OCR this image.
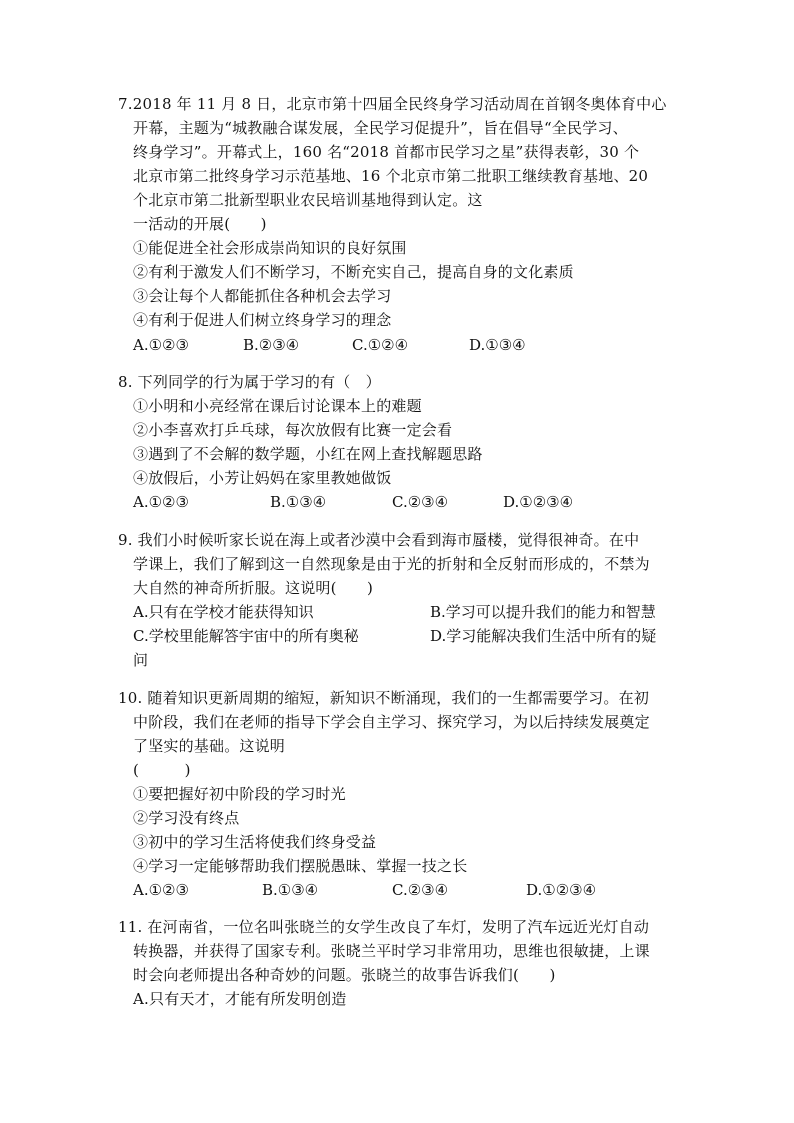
7.2018 年 11 月 8 日，北京市第十四届全民终身学习活动周在首钢冬奥体育中心
开幕，主题为“城教融合谋发展，全民学习促提升”，旨在倡导“全民学习、
终身学习”。开幕式上，160 名“2018 首都市民学习之星”获得表彰，30 个
北京市第二批终身学习示范基地、16 个北京市第二批职工继续教育基地、20
个北京市第二批新型职业农民培训基地得到认定。这
一活动的开展(　　)
①能促进全社会形成崇尚知识的良好氛围
②有利于激发人们不断学习，不断充实自己，提高自身的文化素质
③会让每个人都能抓住各种机会去学习
④有利于促进人们树立终身学习的理念
A.①②③	B.②③④	C.①②④	D.①③④
8. 下列同学的行为属于学习的有（　）
①小明和小亮经常在课后讨论课本上的难题
②小李喜欢打乒乓球，每次放假有比赛一定会看
③遇到了不会解的数学题，小红在网上查找解题思路
④放假后，小芳让妈妈在家里教她做饭
A.①②③	B.①③④	C.②③④	D.①②③④
9. 我们小时候听家长说在海上或者沙漠中会看到海市蜃楼，觉得很神奇。在中
学课上，我们了解到这一自然现象是由于光的折射和全反射而形成的，不禁为
大自然的神奇所折服。这说明(　　)
A.只有在学校才能获得知识	B.学习可以提升我们的能力和智慧
C.学校里能解答宇宙中的所有奥秘	D.学习能解决我们生活中所有的疑
问
10. 随着知识更新周期的缩短，新知识不断涌现，我们的一生都需要学习。在初
中阶段，我们在老师的指导下学会自主学习、探究学习，为以后持续发展奠定
了坚实的基础。这说明
(　　　)
①要把握好初中阶段的学习时光
②学习没有终点
③初中的学习生活将使我们终身受益
④学习一定能够帮助我们摆脱愚昧、掌握一技之长
A.①②③	B.①③④	C.②③④	D.①②③④
11. 在河南省，一位名叫张晓兰的女学生改良了车灯，发明了汽车远近光灯自动
转换器，并获得了国家专利。张晓兰平时学习非常用功，思维也很敏捷，上课
时会向老师提出各种奇妙的问题。张晓兰的故事告诉我们(　　)
A.只有天才，才能有所发明创造
